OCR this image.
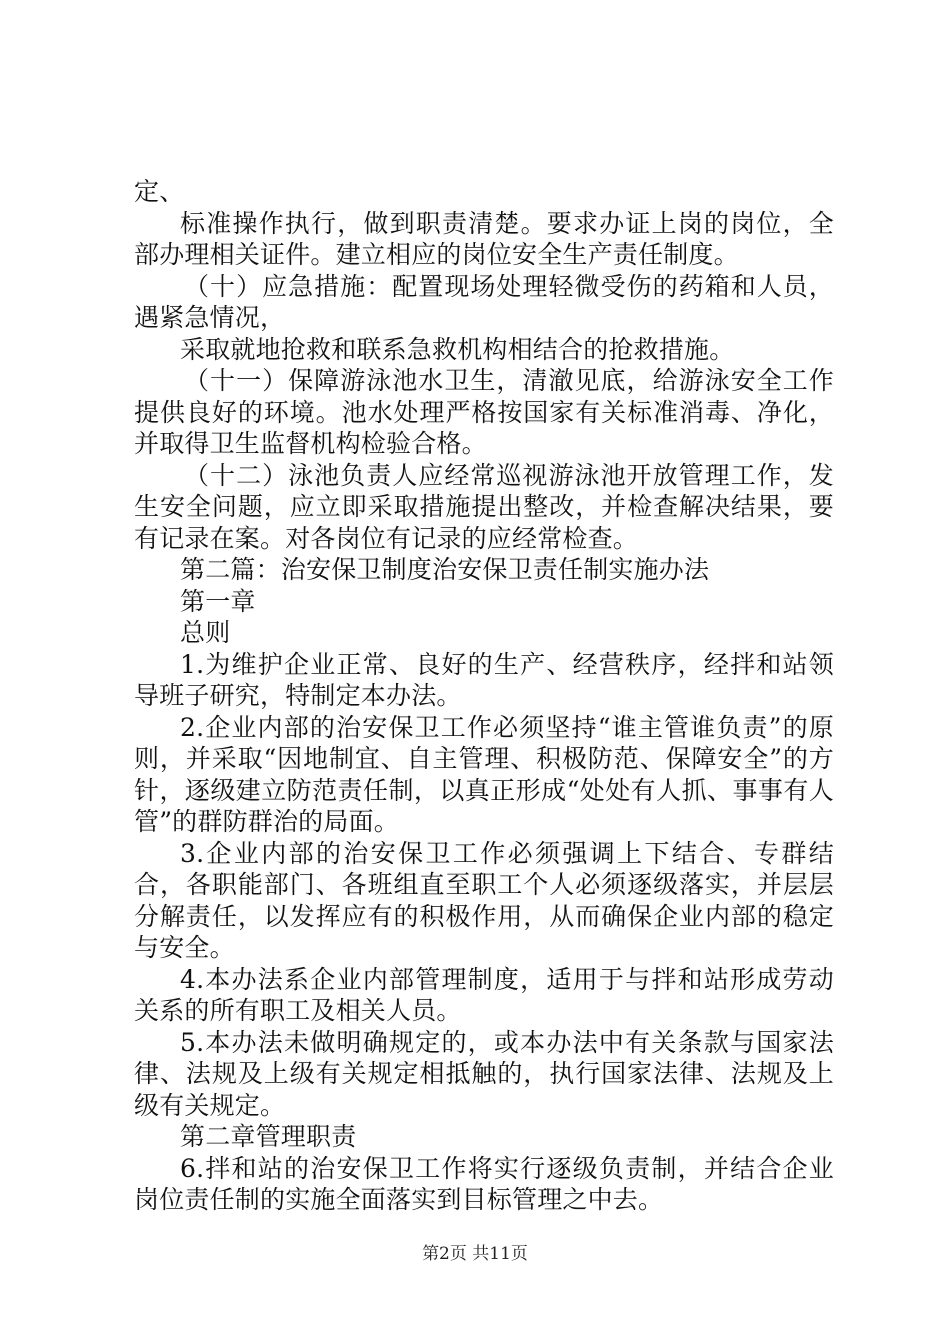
定、

标准操作执行，做到职责清楚。要求办证上岗的岗位，全部办理相关证件。建立相应的岗位安全生产责任制度。

（十）应急措施：配置现场处理轻微受伤的药箱和人员，遇紧急情况，

采取就地抢救和联系急救机构相结合的抢救措施。

（十一）保障游泳池水卫生，清澈见底，给游泳安全工作提供良好的环境。池水处理严格按国家有关标准消毒、净化，并取得卫生监督机构检验合格。

（十二）泳池负责人应经常巡视游泳池开放管理工作，发生安全问题，应立即采取措施提出整改，并检查解决结果，要有记录在案。对各岗位有记录的应经常检查。

第二篇：治安保卫制度治安保卫责任制实施办法

第一章

总则

1.为维护企业正常、良好的生产、经营秩序，经拌和站领导班子研究，特制定本办法。

2.企业内部的治安保卫工作必须坚持“谁主管谁负责”的原则，并采取“因地制宜、自主管理、积极防范、保障安全”的方针，逐级建立防范责任制，以真正形成“处处有人抓、事事有人管”的群防群治的局面。

3.企业内部的治安保卫工作必须强调上下结合、专群结合，各职能部门、各班组直至职工个人必须逐级落实，并层层分解责任，以发挥应有的积极作用，从而确保企业内部的稳定与安全。

4.本办法系企业内部管理制度，适用于与拌和站形成劳动关系的所有职工及相关人员。

5.本办法未做明确规定的，或本办法中有关条款与国家法律、法规及上级有关规定相抵触的，执行国家法律、法规及上级有关规定。

第二章管理职责

6.拌和站的治安保卫工作将实行逐级负责制，并结合企业岗位责任制的实施全面落实到目标管理之中去。

第2页 共11页
